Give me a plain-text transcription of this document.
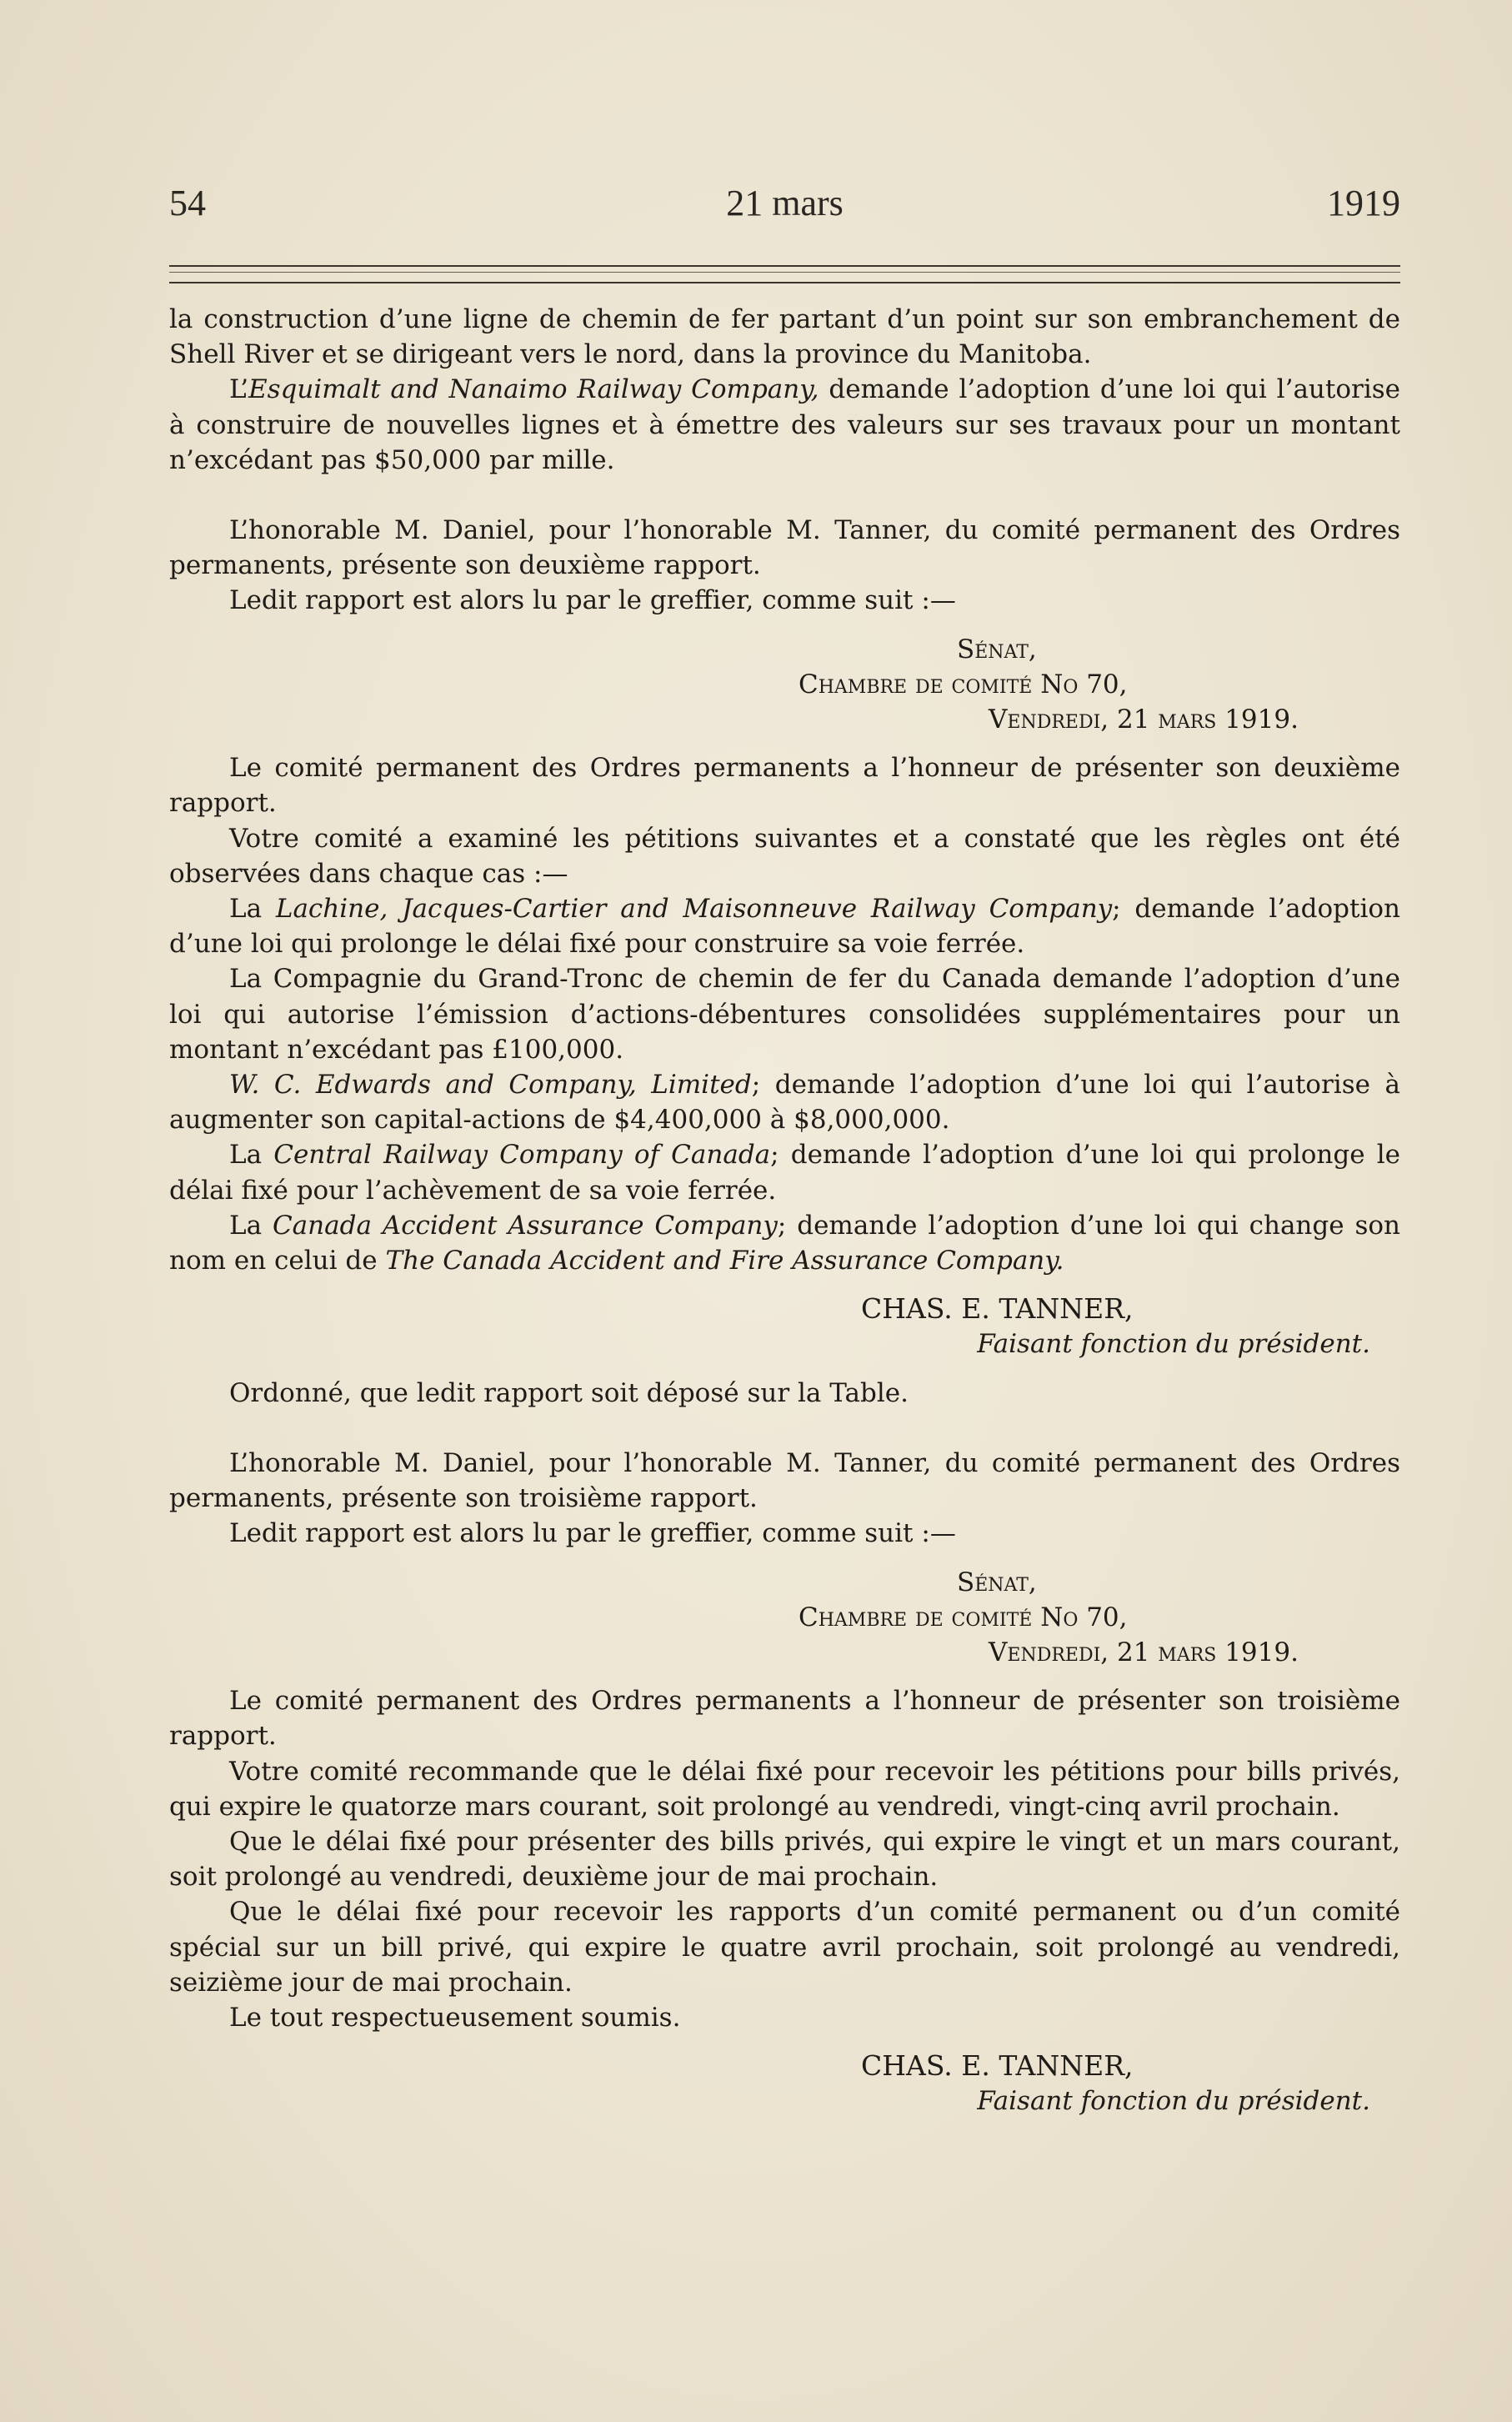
54	21 mars	1919

la construction d’une ligne de chemin de fer partant d’un point sur son embranchement de Shell River et se dirigeant vers le nord, dans la province du Manitoba.

L’Esquimalt and Nanaimo Railway Company, demande l’adoption d’une loi qui l’autorise à construire de nouvelles lignes et à émettre des valeurs sur ses travaux pour un montant n’excédant pas $50,000 par mille.

L’honorable M. Daniel, pour l’honorable M. Tanner, du comité permanent des Ordres permanents, présente son deuxième rapport.

Ledit rapport est alors lu par le greffier, comme suit :—

Sénat,

Chambre de comité No 70,

Vendredi, 21 mars 1919.

Le comité permanent des Ordres permanents a l’honneur de présenter son deuxième rapport.

Votre comité a examiné les pétitions suivantes et a constaté que les règles ont été observées dans chaque cas :—

La Lachine, Jacques-Cartier and Maisonneuve Railway Company; demande l’adoption d’une loi qui prolonge le délai fixé pour construire sa voie ferrée.

La Compagnie du Grand-Tronc de chemin de fer du Canada demande l’adoption d’une loi qui autorise l’émission d’actions-débentures consolidées supplémentaires pour un montant n’excédant pas £100,000.

W. C. Edwards and Company, Limited; demande l’adoption d’une loi qui l’autorise à augmenter son capital-actions de $4,400,000 à $8,000,000.

La Central Railway Company of Canada; demande l’adoption d’une loi qui prolonge le délai fixé pour l’achèvement de sa voie ferrée.

La Canada Accident Assurance Company; demande l’adoption d’une loi qui change son nom en celui de The Canada Accident and Fire Assurance Company.

CHAS. E. TANNER,

Faisant fonction du président.

Ordonné, que ledit rapport soit déposé sur la Table.

L’honorable M. Daniel, pour l’honorable M. Tanner, du comité permanent des Ordres permanents, présente son troisième rapport.

Ledit rapport est alors lu par le greffier, comme suit :—

Sénat,

Chambre de comité No 70,

Vendredi, 21 mars 1919.

Le comité permanent des Ordres permanents a l’honneur de présenter son troisième rapport.

Votre comité recommande que le délai fixé pour recevoir les pétitions pour bills privés, qui expire le quatorze mars courant, soit prolongé au vendredi, vingt-cinq avril prochain.

Que le délai fixé pour présenter des bills privés, qui expire le vingt et un mars courant, soit prolongé au vendredi, deuxième jour de mai prochain.

Que le délai fixé pour recevoir les rapports d’un comité permanent ou d’un comité spécial sur un bill privé, qui expire le quatre avril prochain, soit prolongé au vendredi, seizième jour de mai prochain.

Le tout respectueusement soumis.

CHAS. E. TANNER,

Faisant fonction du président.
